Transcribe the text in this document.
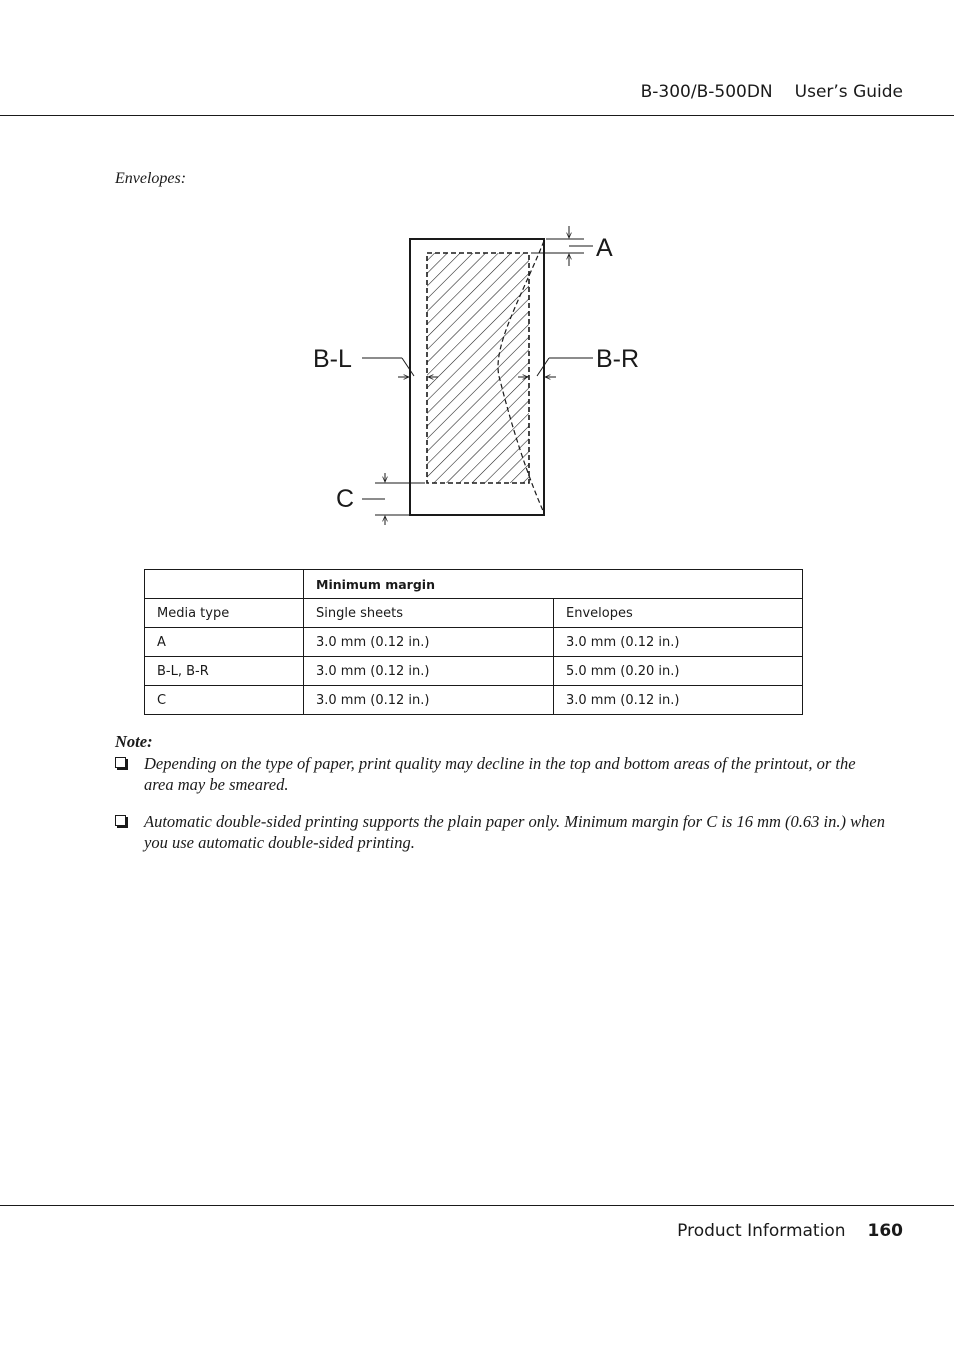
B-300/B-500DN User’s Guide
Envelopes:
A
B-L	B-R
C
	Minimum margin	
Media type	Single sheets	Envelopes
A	3.0 mm (0.12 in.)	3.0 mm (0.12 in.)
B-L, B-R	3.0 mm (0.12 in.)	5.0 mm (0.20 in.)
C	3.0 mm (0.12 in.)	3.0 mm (0.12 in.)
Note:
Depending on the type of paper, print quality may decline in the top and bottom areas of the printout, or the area may be smeared.
Automatic double-sided printing supports the plain paper only. Minimum margin for C is 16 mm (0.63 in.) when you use automatic double-sided printing.
Product Information 160
